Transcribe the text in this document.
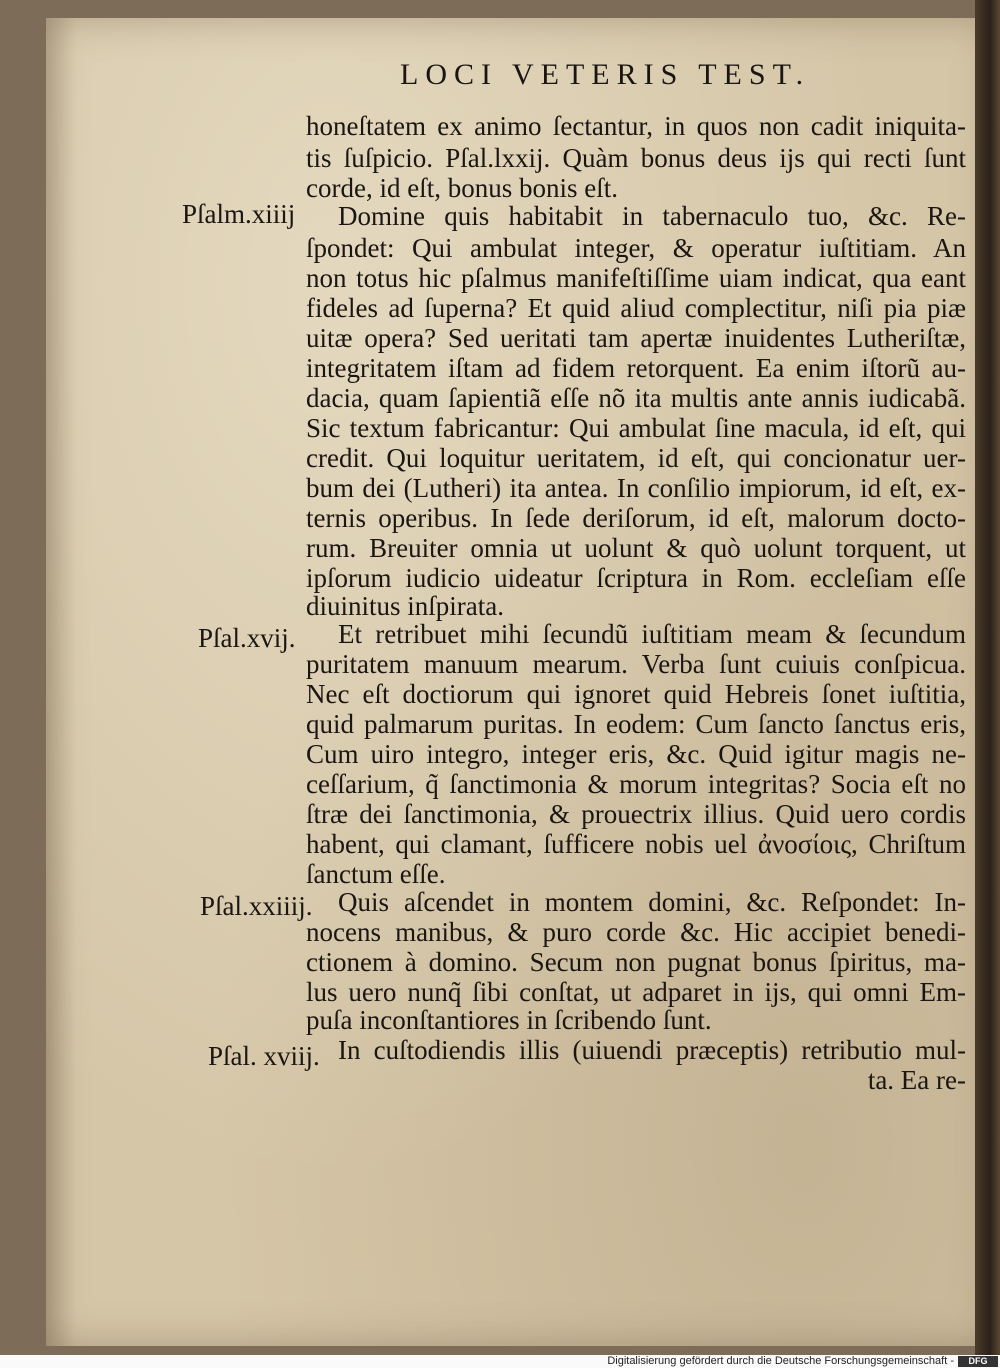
LOCI VETERIS TEST.
Pſalm.xiiij
Pſal.xvij.
Pſal.xxiiij.
Pſal. xviij.
honeſtatem ex animo ſectantur, in quos non cadit iniquita-
tis ſuſpicio. Pſal.lxxij. Quàm bonus deus ijs qui recti ſunt
corde, id eſt, bonus bonis eſt.
Domine quis habitabit in tabernaculo tuo, &c. Re-
ſpondet: Qui ambulat integer, & operatur iuſtitiam. An
non totus hic pſalmus manifeſtiſſime uiam indicat, qua eant
fideles ad ſuperna? Et quid aliud complectitur, niſi pia piæ
uitæ opera? Sed ueritati tam apertæ inuidentes Lutheriſtæ,
integritatem iſtam ad fidem retorquent. Ea enim iſtorũ au-
dacia, quam ſapientiã eſſe nõ ita multis ante annis iudicabã.
Sic textum fabricantur: Qui ambulat ſine macula, id eſt, qui
credit. Qui loquitur ueritatem, id eſt, qui concionatur uer-
bum dei (Lutheri) ita antea. In conſilio impiorum, id eſt, ex-
ternis operibus. In ſede deriſorum, id eſt, malorum docto-
rum. Breuiter omnia ut uolunt & quò uolunt torquent, ut
ipſorum iudicio uideatur ſcriptura in Rom. eccleſiam eſſe
diuinitus inſpirata.
Et retribuet mihi ſecundũ iuſtitiam meam & ſecundum
puritatem manuum mearum. Verba ſunt cuiuis conſpicua.
Nec eſt doctiorum qui ignoret quid Hebreis ſonet iuſtitia,
quid palmarum puritas. In eodem: Cum ſancto ſanctus eris,
Cum uiro integro, integer eris, &c. Quid igitur magis ne-
ceſſarium, q̃ ſanctimonia & morum integritas? Socia eſt no
ſtræ dei ſanctimonia, & prouectrix illius. Quid uero cordis
habent, qui clamant, ſufficere nobis uel ἀνοσίοις, Chriſtum
ſanctum eſſe.
Quis aſcendet in montem domini, &c. Reſpondet: In-
nocens manibus, & puro corde &c. Hic accipiet benedi-
ctionem à domino. Secum non pugnat bonus ſpiritus, ma-
lus uero nunq̃ ſibi conſtat, ut adparet in ijs, qui omni Em-
puſa inconſtantiores in ſcribendo ſunt.
In cuſtodiendis illis (uiuendi præceptis) retributio mul-
ta. Ea re-
Digitalisierung gefördert durch die Deutsche Forschungsgemeinschaft -	DFG
